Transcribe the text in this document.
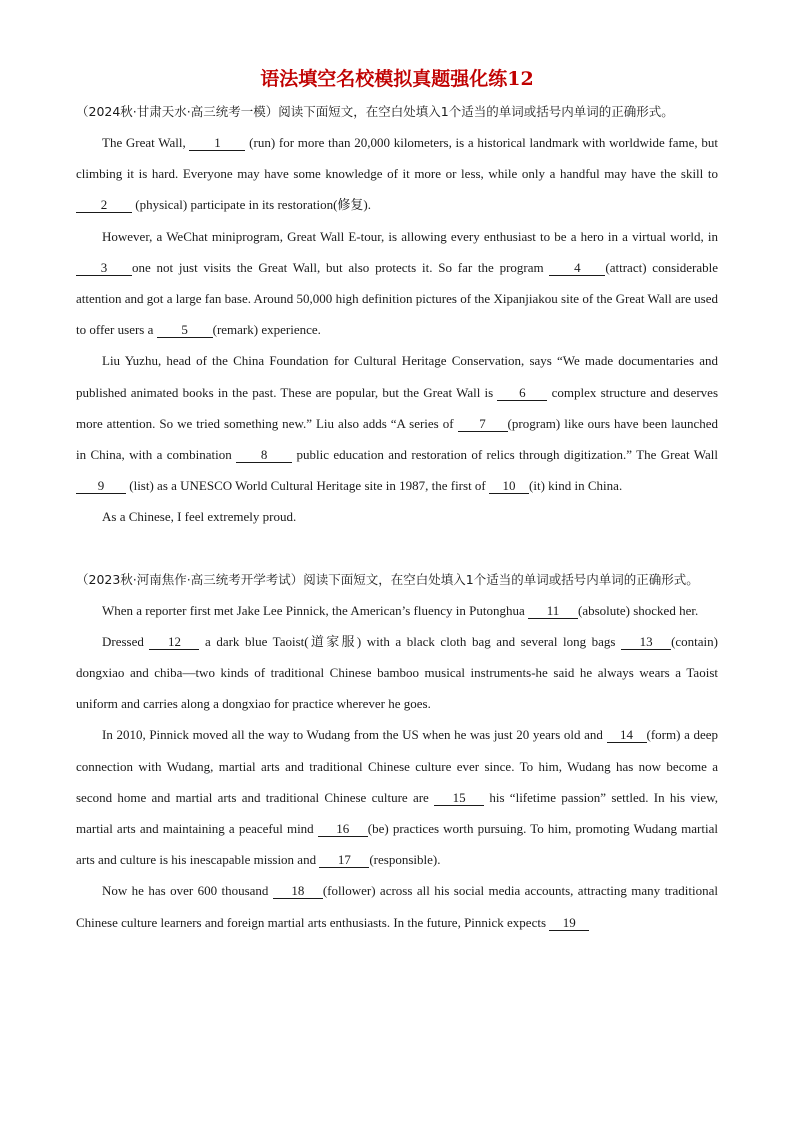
语法填空名校模拟真题强化练12

（2024秋·甘肃天水·高三统考一模）阅读下面短文，在空白处填入1个适当的单词或括号内单词的正确形式。

The Great Wall, 1 (run) for more than 20,000 kilometers, is a historical landmark with worldwide fame, but climbing it is hard. Everyone may have some knowledge of it more or less, while only a handful may have the skill to 2 (physical) participate in its restoration(修复).

However, a WeChat miniprogram, Great Wall E-tour, is allowing every enthusiast to be a hero in a virtual world, in 3 one not just visits the Great Wall, but also protects it. So far the program 4 (attract) considerable attention and got a large fan base. Around 50,000 high definition pictures of the Xipanjiakou site of the Great Wall are used to offer users a 5 (remark) experience.

Liu Yuzhu, head of the China Foundation for Cultural Heritage Conservation, says “We made documentaries and published animated books in the past. These are popular, but the Great Wall is 6 complex structure and deserves more attention. So we tried something new.” Liu also adds “A series of 7 (program) like ours have been launched in China, with a combination 8 public education and restoration of relics through digitization.” The Great Wall 9 (list) as a UNESCO World Cultural Heritage site in 1987, the first of 10 (it) kind in China.

As a Chinese, I feel extremely proud.

（2023秋·河南焦作·高三统考开学考试）阅读下面短文，在空白处填入1个适当的单词或括号内单词的正确形式。

When a reporter first met Jake Lee Pinnick, the American’s fluency in Putonghua 11 (absolute) shocked her.

Dressed 12 a dark blue Taoist(道家服) with a black cloth bag and several long bags 13 (contain) dongxiao and chiba—two kinds of traditional Chinese bamboo musical instruments-he said he always wears a Taoist uniform and carries along a dongxiao for practice wherever he goes.

In 2010, Pinnick moved all the way to Wudang from the US when he was just 20 years old and 14 (form) a deep connection with Wudang, martial arts and traditional Chinese culture ever since. To him, Wudang has now become a second home and martial arts and traditional Chinese culture are 15 his “lifetime passion” settled. In his view, martial arts and maintaining a peaceful mind 16 (be) practices worth pursuing. To him, promoting Wudang martial arts and culture is his inescapable mission and 17 (responsible).

Now he has over 600 thousand 18 (follower) across all his social media accounts, attracting many traditional Chinese culture learners and foreign martial arts enthusiasts. In the future, Pinnick expects 19
